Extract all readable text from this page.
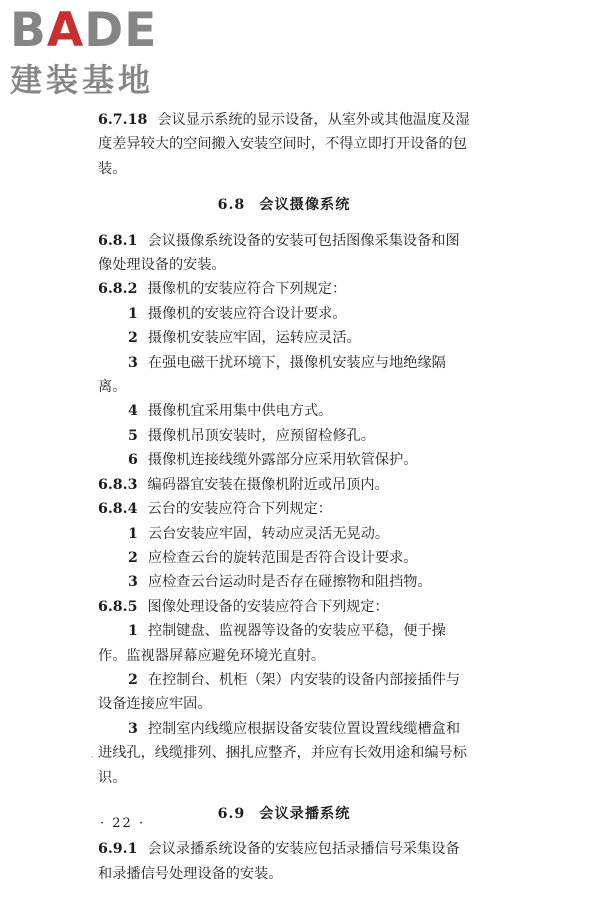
BADE
建装基地

6.7.18 会议显示系统的显示设备，从室外或其他温度及湿度差异较大的空间搬入安装空间时，不得立即打开设备的包装。

6.8 会议摄像系统

6.8.1 会议摄像系统设备的安装可包括图像采集设备和图像处理设备的安装。

6.8.2 摄像机的安装应符合下列规定：

1 摄像机的安装应符合设计要求。

2 摄像机安装应牢固，运转应灵活。

3 在强电磁干扰环境下，摄像机安装应与地绝缘隔离。

4 摄像机宜采用集中供电方式。

5 摄像机吊顶安装时，应预留检修孔。

6 摄像机连接线缆外露部分应采用软管保护。

6.8.3 编码器宜安装在摄像机附近或吊顶内。

6.8.4 云台的安装应符合下列规定：

1 云台安装应牢固，转动应灵活无晃动。

2 应检查云台的旋转范围是否符合设计要求。

3 应检查云台运动时是否存在碰擦物和阻挡物。

6.8.5 图像处理设备的安装应符合下列规定：

1 控制键盘、监视器等设备的安装应平稳，便于操作。监视器屏幕应避免环境光直射。

2 在控制台、机柜（架）内安装的设备内部接插件与设备连接应牢固。

3 控制室内线缆应根据设备安装位置设置线缆槽盒和进线孔，线缆排列、捆扎应整齐，并应有长效用途和编号标识。

6.9 会议录播系统

6.9.1 会议录播系统设备的安装应包括录播信号采集设备和录播信号处理设备的安装。

· 22 ·
`
